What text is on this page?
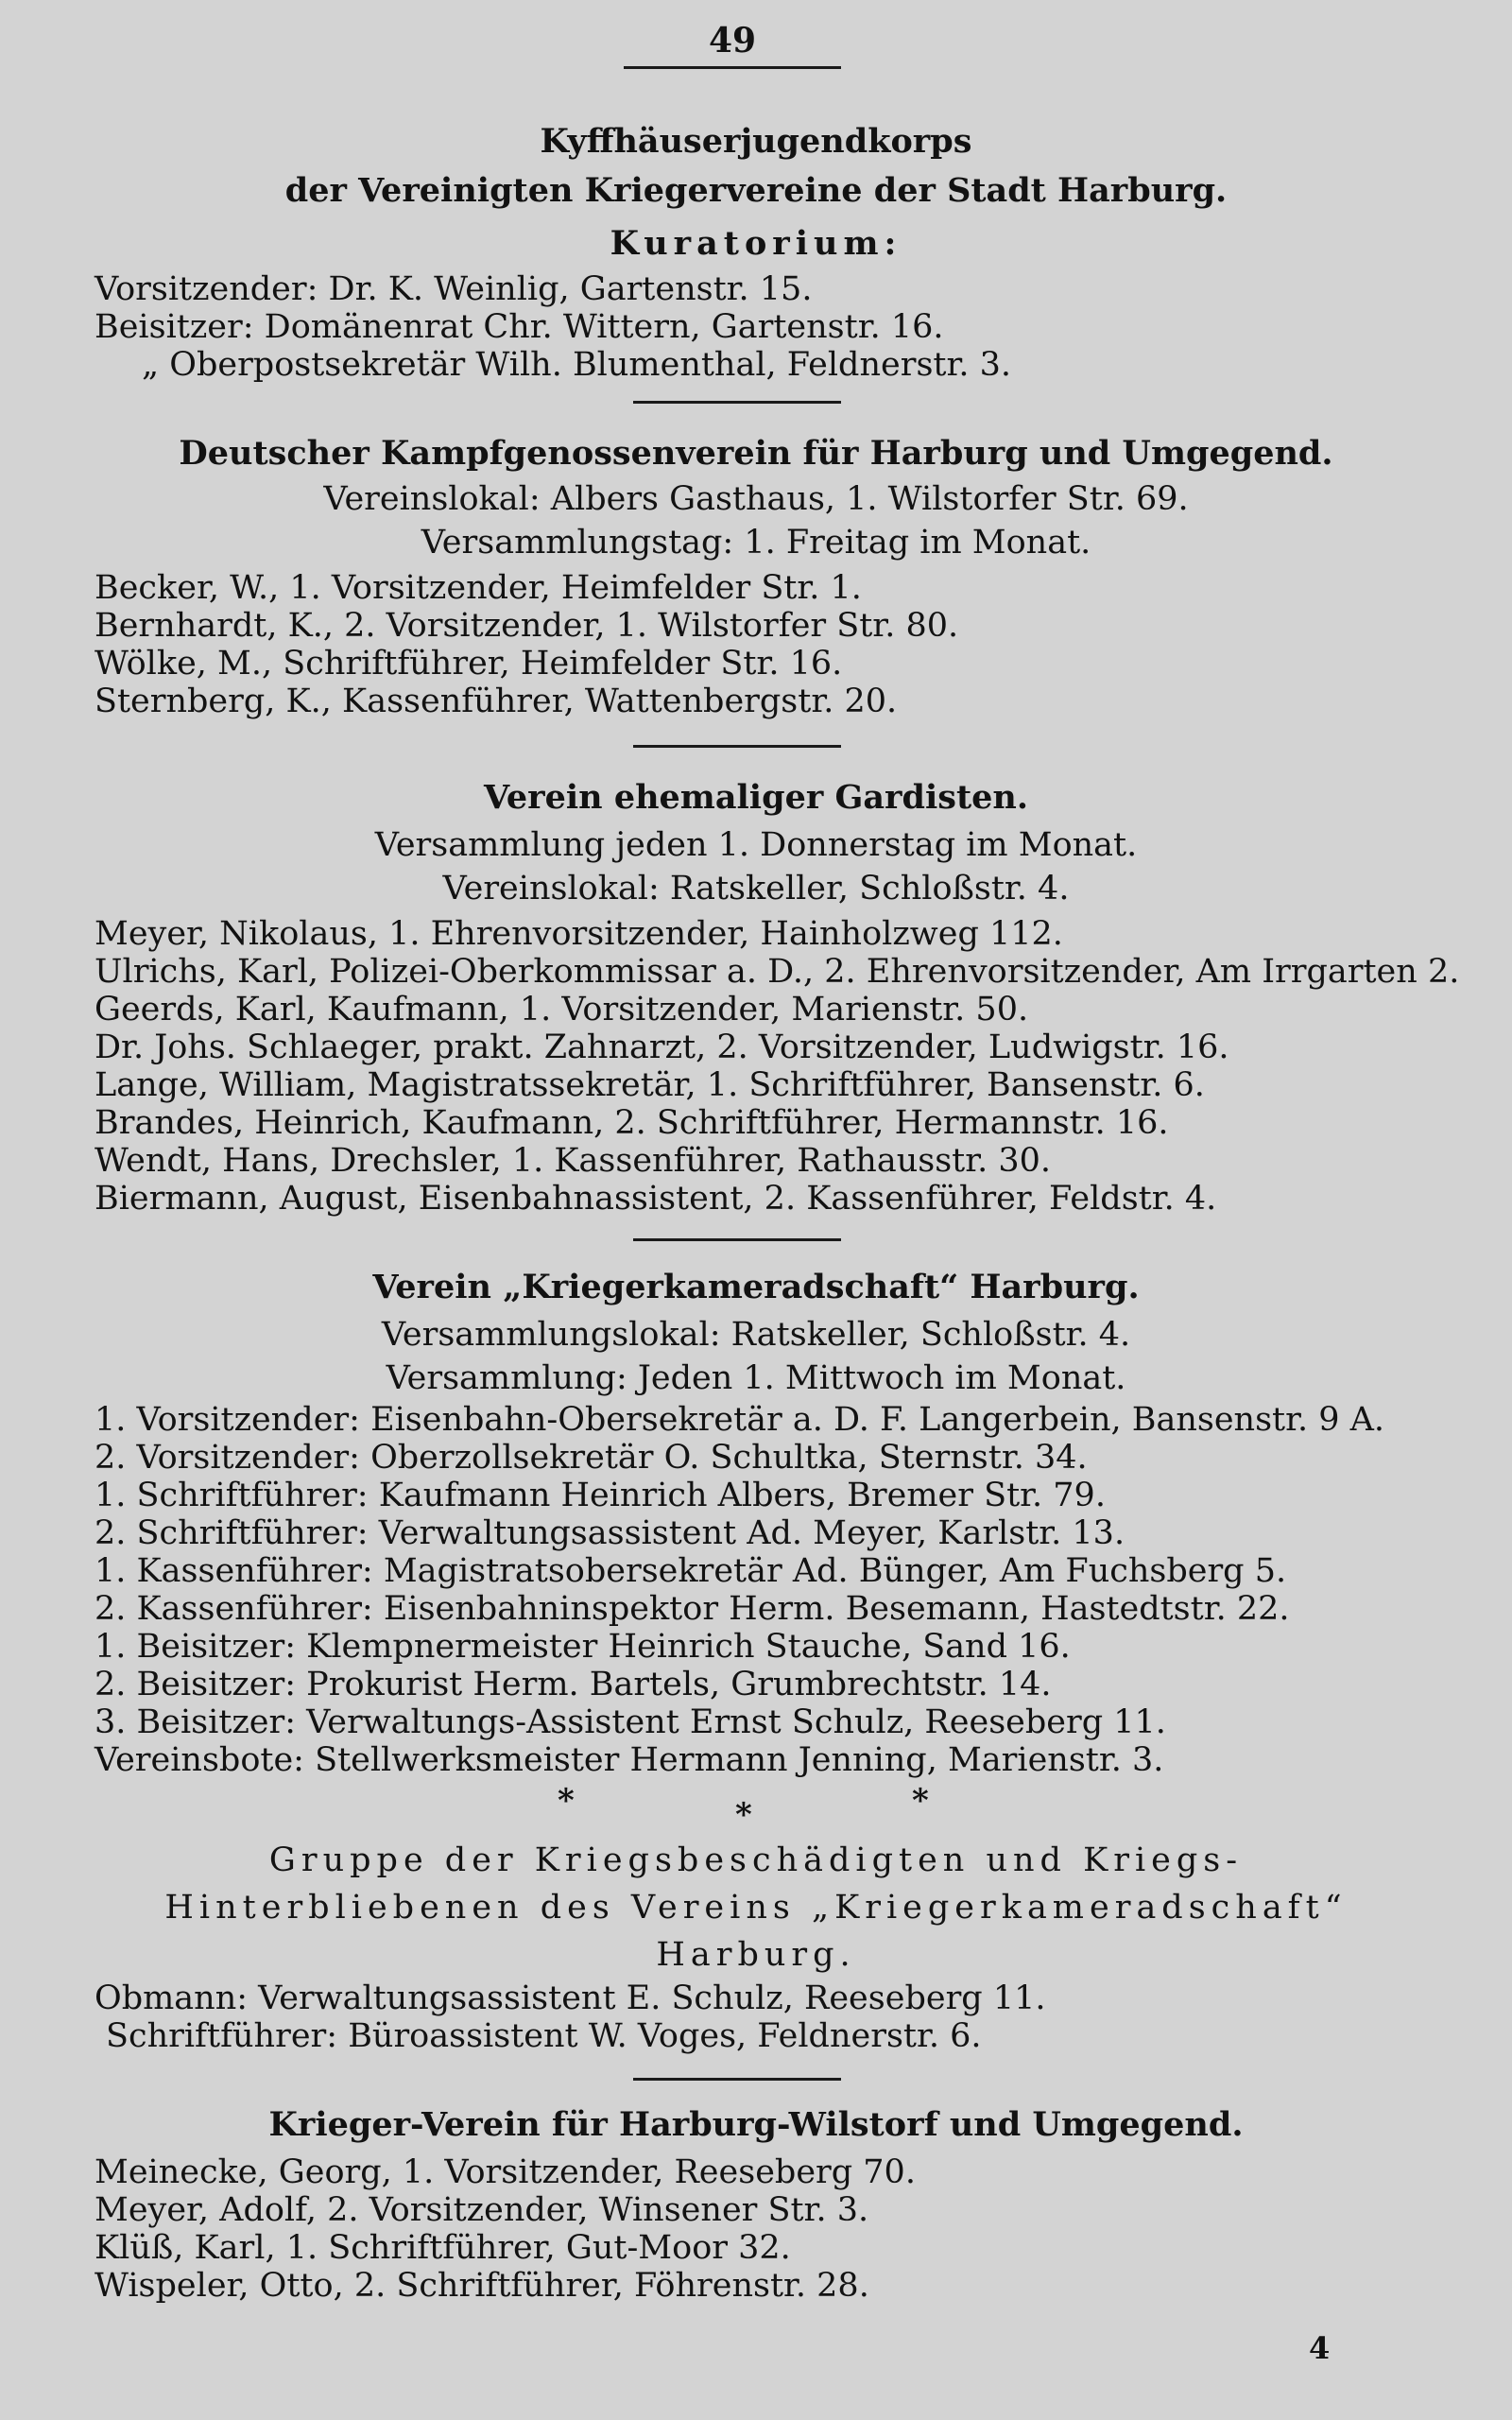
49
Kyffhäuserjugendkorps
der Vereinigten Kriegervereine der Stadt Harburg.
Kuratorium:
Vorsitzender: Dr. K. Weinlig, Gartenstr. 15.
Beisitzer: Domänenrat Chr. Wittern, Gartenstr. 16.
„ Oberpostsekretär Wilh. Blumenthal, Feldnerstr. 3.
Deutscher Kampfgenossenverein für Harburg und Umgegend.
Vereinslokal: Albers Gasthaus, 1. Wilstorfer Str. 69.
Versammlungstag: 1. Freitag im Monat.
Becker, W., 1. Vorsitzender, Heimfelder Str. 1.
Bernhardt, K., 2. Vorsitzender, 1. Wilstorfer Str. 80.
Wölke, M., Schriftführer, Heimfelder Str. 16.
Sternberg, K., Kassenführer, Wattenbergstr. 20.
Verein ehemaliger Gardisten.
Versammlung jeden 1. Donnerstag im Monat.
Vereinslokal: Ratskeller, Schloßstr. 4.
Meyer, Nikolaus, 1. Ehrenvorsitzender, Hainholzweg 112.
Ulrichs, Karl, Polizei-Oberkommissar a. D., 2. Ehrenvorsitzender, Am Irrgarten 2.
Geerds, Karl, Kaufmann, 1. Vorsitzender, Marienstr. 50.
Dr. Johs. Schlaeger, prakt. Zahnarzt, 2. Vorsitzender, Ludwigstr. 16.
Lange, William, Magistratssekretär, 1. Schriftführer, Bansenstr. 6.
Brandes, Heinrich, Kaufmann, 2. Schriftführer, Hermannstr. 16.
Wendt, Hans, Drechsler, 1. Kassenführer, Rathausstr. 30.
Biermann, August, Eisenbahnassistent, 2. Kassenführer, Feldstr. 4.
Verein „Kriegerkameradschaft“ Harburg.
Versammlungslokal: Ratskeller, Schloßstr. 4.
Versammlung: Jeden 1. Mittwoch im Monat.
1. Vorsitzender: Eisenbahn-Obersekretär a. D. F. Langerbein, Bansenstr. 9 A.
2. Vorsitzender: Oberzollsekretär O. Schultka, Sternstr. 34.
1. Schriftführer: Kaufmann Heinrich Albers, Bremer Str. 79.
2. Schriftführer: Verwaltungsassistent Ad. Meyer, Karlstr. 13.
1. Kassenführer: Magistratsobersekretär Ad. Bünger, Am Fuchsberg 5.
2. Kassenführer: Eisenbahninspektor Herm. Besemann, Hastedtstr. 22.
1. Beisitzer: Klempnermeister Heinrich Stauche, Sand 16.
2. Beisitzer: Prokurist Herm. Bartels, Grumbrechtstr. 14.
3. Beisitzer: Verwaltungs-Assistent Ernst Schulz, Reeseberg 11.
Vereinsbote: Stellwerksmeister Hermann Jenning, Marienstr. 3.
*	*	*
Gruppe der Kriegsbeschädigten und Kriegs-
Hinterbliebenen des Vereins „Kriegerkameradschaft“
Harburg.
Obmann: Verwaltungsassistent E. Schulz, Reeseberg 11.
Schriftführer: Büroassistent W. Voges, Feldnerstr. 6.
Krieger-Verein für Harburg-Wilstorf und Umgegend.
Meinecke, Georg, 1. Vorsitzender, Reeseberg 70.
Meyer, Adolf, 2. Vorsitzender, Winsener Str. 3.
Klüß, Karl, 1. Schriftführer, Gut-Moor 32.
Wispeler, Otto, 2. Schriftführer, Föhrenstr. 28.
4
